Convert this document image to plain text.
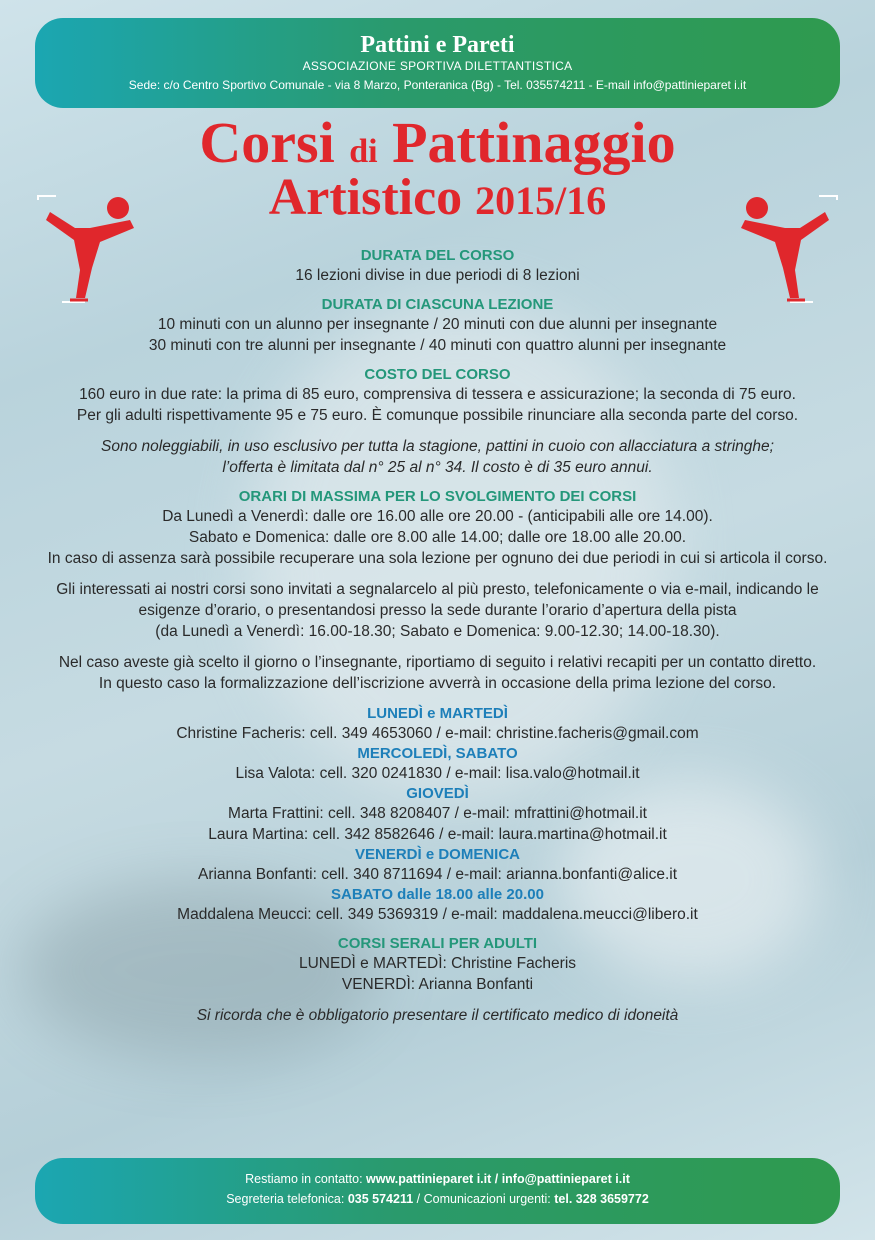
Pattini e Pareti
ASSOCIAZIONE SPORTIVA DILETTANTISTICA
Sede: c/o Centro Sportivo Comunale - via 8 Marzo, Ponteranica (Bg) - Tel. 035574211 - E-mail info@pattinieparet i.it
Corsi di Pattinaggio
Artistico 2015/16
DURATA DEL CORSO

16 lezioni divise in due periodi di 8 lezioni

DURATA DI CIASCUNA LEZIONE

10 minuti con un alunno per insegnante / 20 minuti con due alunni per insegnante

30 minuti con tre alunni per insegnante / 40 minuti con quattro alunni per insegnante

COSTO DEL CORSO

160 euro in due rate: la prima di 85 euro, comprensiva di tessera e assicurazione; la seconda di 75 euro.

Per gli adulti rispettivamente 95 e 75 euro. È comunque possibile rinunciare alla seconda parte del corso.

Sono noleggiabili, in uso esclusivo per tutta la stagione, pattini in cuoio con allacciatura a stringhe;

l’offerta è limitata dal n° 25 al n° 34. Il costo è di 35 euro annui.

ORARI DI MASSIMA PER LO SVOLGIMENTO DEI CORSI

Da Lunedì a Venerdì: dalle ore 16.00 alle ore 20.00 - (anticipabili alle ore 14.00).

Sabato e Domenica: dalle ore 8.00 alle 14.00; dalle ore 18.00 alle 20.00.

In caso di assenza sarà possibile recuperare una sola lezione per ognuno dei due periodi in cui si articola il corso.

Gli interessati ai nostri corsi sono invitati a segnalarcelo al più presto, telefonicamente o via e-mail, indicando le

esigenze d’orario, o presentandosi presso la sede durante l’orario d’apertura della pista

(da Lunedì a Venerdì: 16.00-18.30; Sabato e Domenica: 9.00-12.30; 14.00-18.30).

Nel caso aveste già scelto il giorno o l’insegnante, riportiamo di seguito i relativi recapiti per un contatto diretto.

In questo caso la formalizzazione dell’iscrizione avverrà in occasione della prima lezione del corso.

LUNEDÌ e MARTEDÌ

Christine Facheris: cell. 349 4653060 / e-mail: christine.facheris@gmail.com

MERCOLEDÌ, SABATO

Lisa Valota: cell. 320 0241830 / e-mail: lisa.valo@hotmail.it

GIOVEDÌ

Marta Frattini: cell. 348 8208407 / e-mail: mfrattini@hotmail.it

Laura Martina: cell. 342 8582646 / e-mail: laura.martina@hotmail.it

VENERDÌ e DOMENICA

Arianna Bonfanti: cell. 340 8711694 / e-mail: arianna.bonfanti@alice.it

SABATO dalle 18.00 alle 20.00

Maddalena Meucci: cell. 349 5369319 / e-mail: maddalena.meucci@libero.it

CORSI SERALI PER ADULTI

LUNEDÌ e MARTEDÌ: Christine Facheris

VENERDÌ: Arianna Bonfanti

Si ricorda che è obbligatorio presentare il certificato medico di idoneità

Restiamo in contatto: www.pattinieparet i.it / info@pattinieparet i.it
Segreteria telefonica: 035 574211 / Comunicazioni urgenti: tel. 328 3659772
